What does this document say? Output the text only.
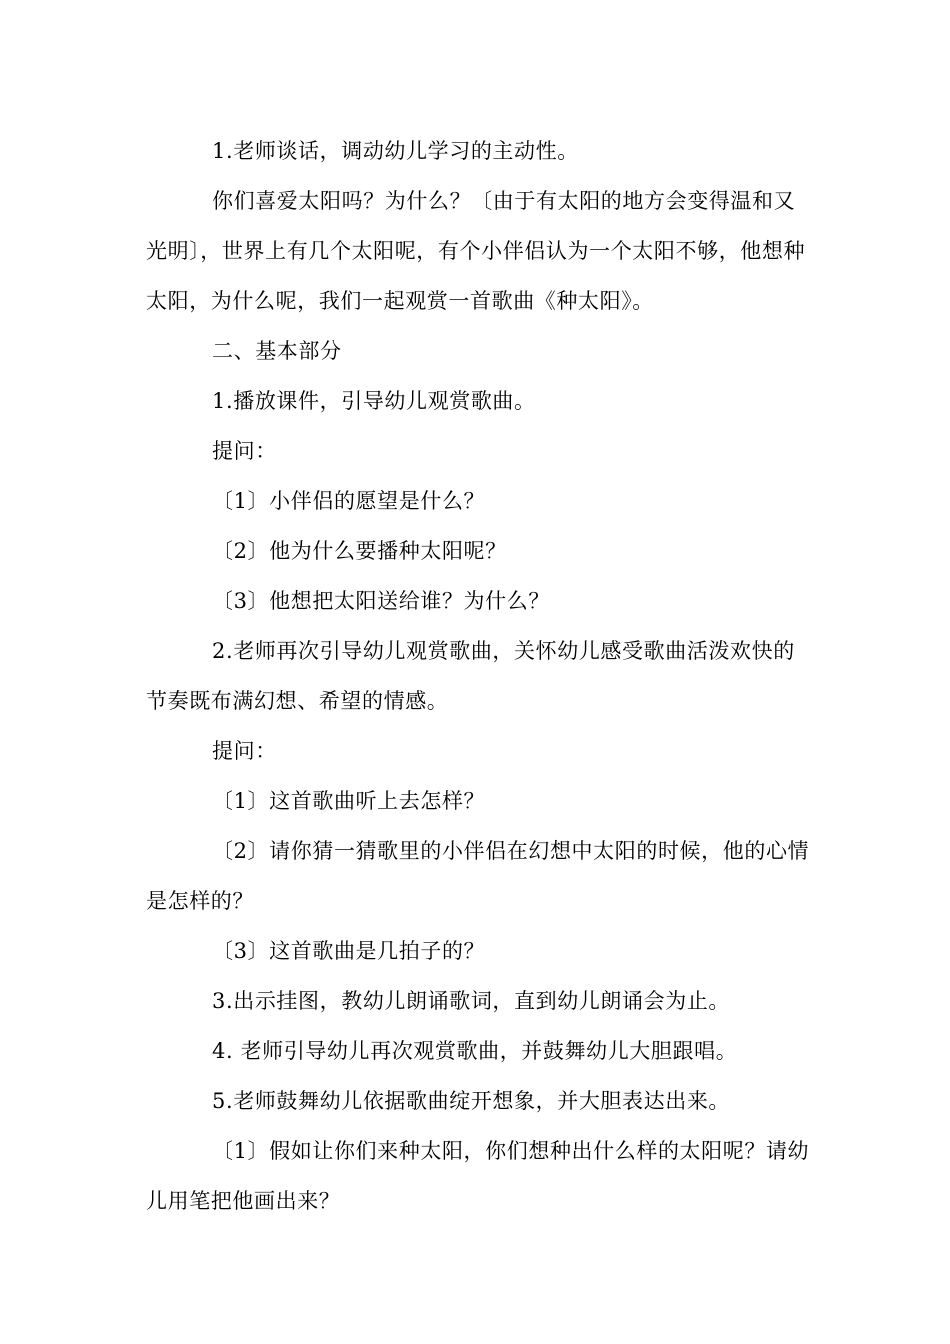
1.老师谈话，调动幼儿学习的主动性。

你们喜爱太阳吗？为什么？〔由于有太阳的地方会变得温和又光明〕，世界上有几个太阳呢，有个小伴侣认为一个太阳不够，他想种太阳，为什么呢，我们一起观赏一首歌曲《种太阳》。

二、基本部分

1.播放课件，引导幼儿观赏歌曲。

提问：

〔1〕小伴侣的愿望是什么？

〔2〕他为什么要播种太阳呢？

〔3〕他想把太阳送给谁？为什么？

2.老师再次引导幼儿观赏歌曲，关怀幼儿感受歌曲活泼欢快的节奏既布满幻想、希望的情感。

提问：

〔1〕这首歌曲听上去怎样？

〔2〕请你猜一猜歌里的小伴侣在幻想中太阳的时候，他的心情是怎样的？

〔3〕这首歌曲是几拍子的？

3.出示挂图，教幼儿朗诵歌词，直到幼儿朗诵会为止。

4. 老师引导幼儿再次观赏歌曲，并鼓舞幼儿大胆跟唱。

5.老师鼓舞幼儿依据歌曲绽开想象，并大胆表达出来。

〔1〕假如让你们来种太阳，你们想种出什么样的太阳呢？请幼儿用笔把他画出来？
